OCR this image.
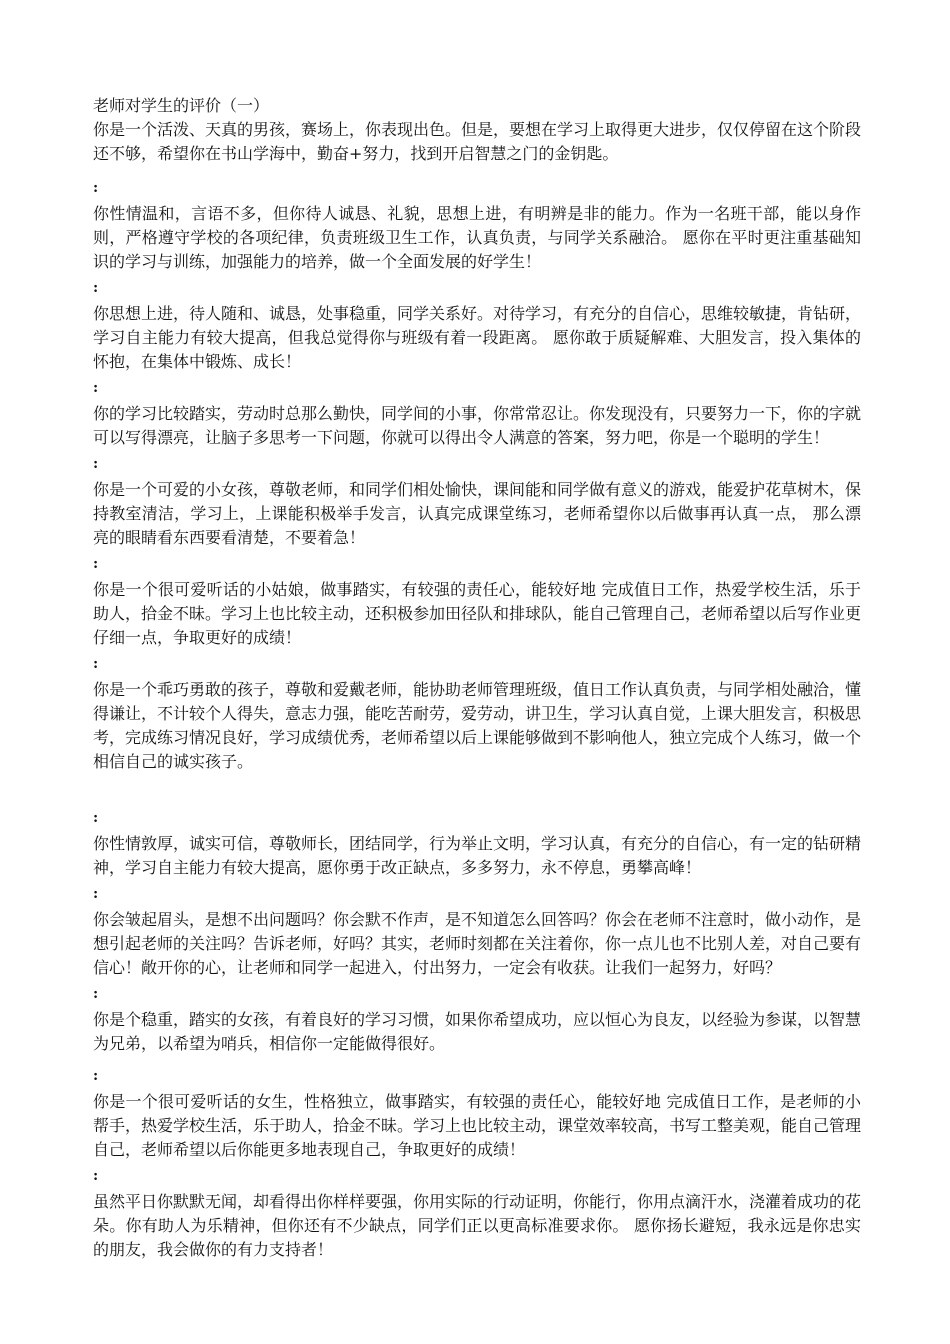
老师对学生的评价（一）

你是一个活泼、天真的男孩，赛场上，你表现出色。但是，要想在学习上取得更大进步，仅仅停留在这个阶段还不够，希望你在书山学海中，勤奋+努力，找到开启智慧之门的金钥匙。

:

你性情温和，言语不多，但你待人诚恳、礼貌，思想上进，有明辨是非的能力。作为一名班干部，能以身作则，严格遵守学校的各项纪律，负责班级卫生工作，认真负责，与同学关系融洽。 愿你在平时更注重基础知识的学习与训练，加强能力的培养，做一个全面发展的好学生！

:

你思想上进，待人随和、诚恳，处事稳重，同学关系好。对待学习，有充分的自信心，思维较敏捷，肯钻研，学习自主能力有较大提高，但我总觉得你与班级有着一段距离。 愿你敢于质疑解难、大胆发言，投入集体的怀抱，在集体中锻炼、成长！

:

你的学习比较踏实，劳动时总那么勤快，同学间的小事，你常常忍让。你发现没有，只要努力一下，你的字就可以写得漂亮，让脑子多思考一下问题，你就可以得出令人满意的答案，努力吧，你是一个聪明的学生！

:

你是一个可爱的小女孩，尊敬老师，和同学们相处愉快，课间能和同学做有意义的游戏，能爱护花草树木，保持教室清洁，学习上，上课能积极举手发言，认真完成课堂练习，老师希望你以后做事再认真一点， 那么漂亮的眼睛看东西要看清楚，不要着急！

:

你是一个很可爱听话的小姑娘，做事踏实，有较强的责任心，能较好地 完成值日工作，热爱学校生活，乐于助人，拾金不昧。学习上也比较主动，还积极参加田径队和排球队，能自己管理自己，老师希望以后写作业更仔细一点，争取更好的成绩！

:

你是一个乖巧勇敢的孩子，尊敬和爱戴老师，能协助老师管理班级，值日工作认真负责，与同学相处融洽，懂得谦让，不计较个人得失，意志力强，能吃苦耐劳，爱劳动，讲卫生，学习认真自觉，上课大胆发言，积极思考，完成练习情况良好，学习成绩优秀，老师希望以后上课能够做到不影响他人，独立完成个人练习，做一个相信自己的诚实孩子。

:

你性情敦厚，诚实可信，尊敬师长，团结同学，行为举止文明，学习认真，有充分的自信心，有一定的钻研精神，学习自主能力有较大提高，愿你勇于改正缺点，多多努力，永不停息，勇攀高峰！

:

你会皱起眉头，是想不出问题吗？你会默不作声，是不知道怎么回答吗？你会在老师不注意时，做小动作，是想引起老师的关注吗？告诉老师，好吗？其实，老师时刻都在关注着你，你一点儿也不比别人差，对自己要有信心！敞开你的心，让老师和同学一起进入，付出努力，一定会有收获。让我们一起努力，好吗？

:

你是个稳重，踏实的女孩，有着良好的学习习惯，如果你希望成功，应以恒心为良友，以经验为参谋，以智慧为兄弟，以希望为哨兵，相信你一定能做得很好。

:

你是一个很可爱听话的女生，性格独立，做事踏实，有较强的责任心，能较好地 完成值日工作，是老师的小帮手，热爱学校生活，乐于助人，拾金不昧。学习上也比较主动，课堂效率较高，书写工整美观，能自己管理自己，老师希望以后你能更多地表现自己，争取更好的成绩！

:

虽然平日你默默无闻，却看得出你样样要强，你用实际的行动证明，你能行，你用点滴汗水，浇灌着成功的花朵。你有助人为乐精神，但你还有不少缺点，同学们正以更高标准要求你。 愿你扬长避短，我永远是你忠实的朋友，我会做你的有力支持者！
